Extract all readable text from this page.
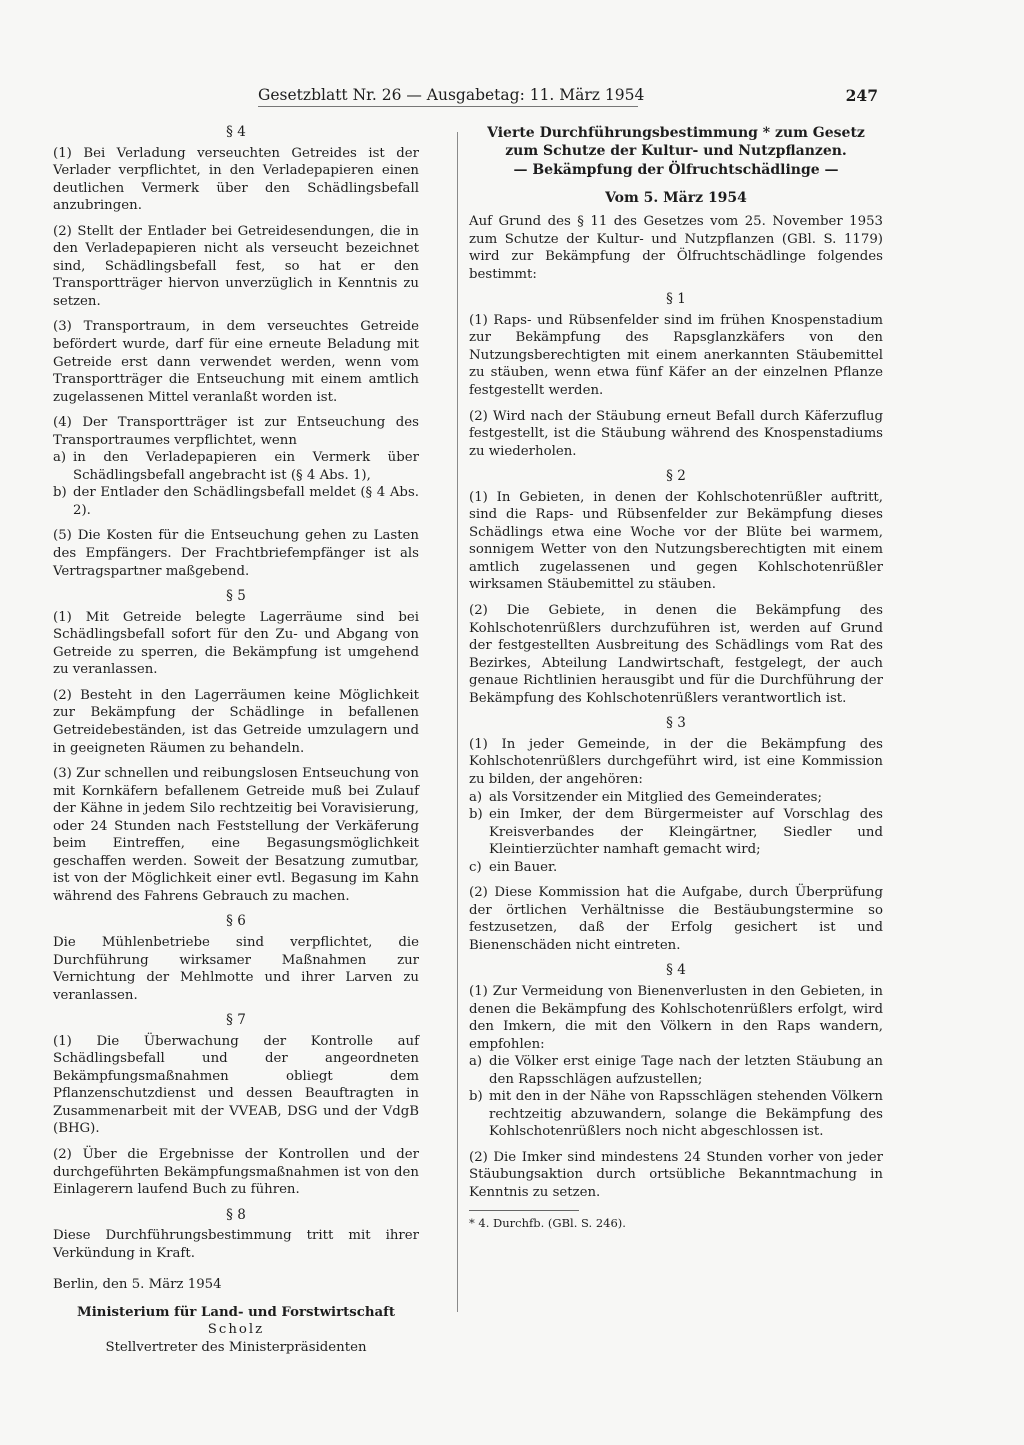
Gesetzblatt Nr. 26 — Ausgabetag: 11. März 1954	247
§ 4

(1) Bei Verladung verseuchten Getreides ist der Verlader verpflichtet, in den Verladepapieren einen deutlichen Vermerk über den Schädlingsbefall anzubringen.

(2) Stellt der Entlader bei Getreidesendungen, die in den Verladepapieren nicht als verseucht bezeichnet sind, Schädlingsbefall fest, so hat er den Transportträger hiervon unverzüglich in Kenntnis zu setzen.

(3) Transportraum, in dem verseuchtes Getreide befördert wurde, darf für eine erneute Beladung mit Getreide erst dann verwendet werden, wenn vom Transportträger die Entseuchung mit einem amtlich zugelassenen Mittel veranlaßt worden ist.

(4) Der Transportträger ist zur Entseuchung des Transportraumes verpflichtet, wenn

a) in den Verladepapieren ein Vermerk über Schädlingsbefall angebracht ist (§ 4 Abs. 1),
b) der Entlader den Schädlingsbefall meldet (§ 4 Abs. 2).

(5) Die Kosten für die Entseuchung gehen zu Lasten des Empfängers. Der Frachtbriefempfänger ist als Vertragspartner maßgebend.

§ 5

(1) Mit Getreide belegte Lagerräume sind bei Schädlingsbefall sofort für den Zu- und Abgang von Getreide zu sperren, die Bekämpfung ist umgehend zu veranlassen.

(2) Besteht in den Lagerräumen keine Möglichkeit zur Bekämpfung der Schädlinge in befallenen Getreidebeständen, ist das Getreide umzulagern und in geeigneten Räumen zu behandeln.

(3) Zur schnellen und reibungslosen Entseuchung von mit Kornkäfern befallenem Getreide muß bei Zulauf der Kähne in jedem Silo rechtzeitig bei Voravisierung, oder 24 Stunden nach Feststellung der Verkäferung beim Eintreffen, eine Begasungsmöglichkeit geschaffen werden. Soweit der Besatzung zumutbar, ist von der Möglichkeit einer evtl. Begasung im Kahn während des Fahrens Gebrauch zu machen.

§ 6

Die Mühlenbetriebe sind verpflichtet, die Durchführung wirksamer Maßnahmen zur Vernichtung der Mehlmotte und ihrer Larven zu veranlassen.

§ 7

(1) Die Überwachung der Kontrolle auf Schädlingsbefall und der angeordneten Bekämpfungsmaßnahmen obliegt dem Pflanzenschutzdienst und dessen Beauftragten in Zusammenarbeit mit der VVEAB, DSG und der VdgB (BHG).

(2) Über die Ergebnisse der Kontrollen und der durchgeführten Bekämpfungsmaßnahmen ist von den Einlagerern laufend Buch zu führen.

§ 8

Diese Durchführungsbestimmung tritt mit ihrer Verkündung in Kraft.

Berlin, den 5. März 1954
Ministerium für Land- und Forstwirtschaft
Scholz
Stellvertreter des Ministerpräsidenten
Vierte Durchführungsbestimmung * zum Gesetz zum Schutze der Kultur- und Nutzpflanzen.
— Bekämpfung der Ölfruchtschädlinge —
Vom 5. März 1954

Auf Grund des § 11 des Gesetzes vom 25. November 1953 zum Schutze der Kultur- und Nutzpflanzen (GBl. S. 1179) wird zur Bekämpfung der Ölfruchtschädlinge folgendes bestimmt:

§ 1

(1) Raps- und Rübsenfelder sind im frühen Knospenstadium zur Bekämpfung des Rapsglanzkäfers von den Nutzungsberechtigten mit einem anerkannten Stäubemittel zu stäuben, wenn etwa fünf Käfer an der einzelnen Pflanze festgestellt werden.

(2) Wird nach der Stäubung erneut Befall durch Käferzuflug festgestellt, ist die Stäubung während des Knospenstadiums zu wiederholen.

§ 2

(1) In Gebieten, in denen der Kohlschotenrüßler auftritt, sind die Raps- und Rübsenfelder zur Bekämpfung dieses Schädlings etwa eine Woche vor der Blüte bei warmem, sonnigem Wetter von den Nutzungsberechtigten mit einem amtlich zugelassenen und gegen Kohlschotenrüßler wirksamen Stäubemittel zu stäuben.

(2) Die Gebiete, in denen die Bekämpfung des Kohlschotenrüßlers durchzuführen ist, werden auf Grund der festgestellten Ausbreitung des Schädlings vom Rat des Bezirkes, Abteilung Landwirtschaft, festgelegt, der auch genaue Richtlinien herausgibt und für die Durchführung der Bekämpfung des Kohlschotenrüßlers verantwortlich ist.

§ 3

(1) In jeder Gemeinde, in der die Bekämpfung des Kohlschotenrüßlers durchgeführt wird, ist eine Kommission zu bilden, der angehören:

a) als Vorsitzender ein Mitglied des Gemeinderates;
b) ein Imker, der dem Bürgermeister auf Vorschlag des Kreisverbandes der Kleingärtner, Siedler und Kleintierzüchter namhaft gemacht wird;
c) ein Bauer.

(2) Diese Kommission hat die Aufgabe, durch Überprüfung der örtlichen Verhältnisse die Bestäubungstermine so festzusetzen, daß der Erfolg gesichert ist und Bienenschäden nicht eintreten.

§ 4

(1) Zur Vermeidung von Bienenverlusten in den Gebieten, in denen die Bekämpfung des Kohlschotenrüßlers erfolgt, wird den Imkern, die mit den Völkern in den Raps wandern, empfohlen:

a) die Völker erst einige Tage nach der letzten Stäubung an den Rapsschlägen aufzustellen;
b) mit den in der Nähe von Rapsschlägen stehenden Völkern rechtzeitig abzuwandern, solange die Bekämpfung des Kohlschotenrüßlers noch nicht abgeschlossen ist.

(2) Die Imker sind mindestens 24 Stunden vorher von jeder Stäubungsaktion durch ortsübliche Bekanntmachung in Kenntnis zu setzen.

* 4. Durchfb. (GBl. S. 246).
